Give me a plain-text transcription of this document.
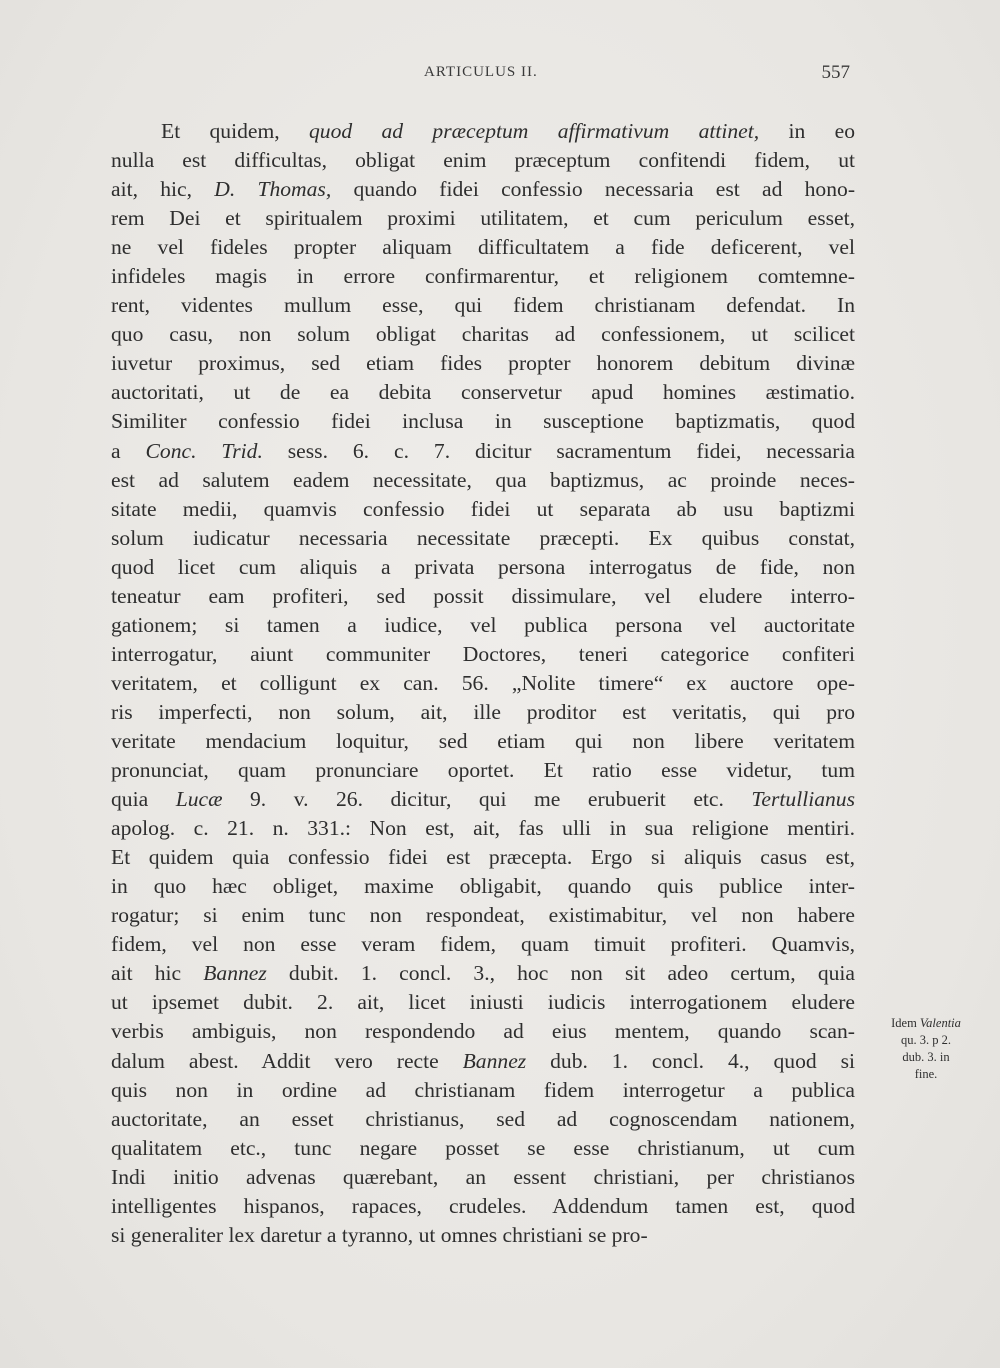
ARTICULUS II.	557
Et quidem, quod ad præceptum affirmativum attinet, in eo
nulla est difficultas, obligat enim præceptum confitendi fidem, ut
ait, hic, D. Thomas, quando fidei confessio necessaria est ad hono-
rem Dei et spiritualem proximi utilitatem, et cum periculum esset,
ne vel fideles propter aliquam difficultatem a fide deficerent, vel
infideles magis in errore confirmarentur, et religionem comtemne-
rent, videntes mullum esse, qui fidem christianam defendat. In
quo casu, non solum obligat charitas ad confessionem, ut scilicet
iuvetur proximus, sed etiam fides propter honorem debitum divinæ
auctoritati, ut de ea debita conservetur apud homines æstimatio.
Similiter confessio fidei inclusa in susceptione baptizmatis, quod
a Conc. Trid. sess. 6. c. 7. dicitur sacramentum fidei, necessaria
est ad salutem eadem necessitate, qua baptizmus, ac proinde neces-
sitate medii, quamvis confessio fidei ut separata ab usu baptizmi
solum iudicatur necessaria necessitate præcepti. Ex quibus constat,
quod licet cum aliquis a privata persona interrogatus de fide, non
teneatur eam profiteri, sed possit dissimulare, vel eludere interro-
gationem; si tamen a iudice, vel publica persona vel auctoritate
interrogatur, aiunt communiter Doctores, teneri categorice confiteri
veritatem, et colligunt ex can. 56. „Nolite timere“ ex auctore ope-
ris imperfecti, non solum, ait, ille proditor est veritatis, qui pro
veritate mendacium loquitur, sed etiam qui non libere veritatem
pronunciat, quam pronunciare oportet. Et ratio esse videtur, tum
quia Lucæ 9. v. 26. dicitur, qui me erubuerit etc. Tertullianus
apolog. c. 21. n. 331.: Non est, ait, fas ulli in sua religione mentiri.
Et quidem quia confessio fidei est præcepta. Ergo si aliquis casus est,
in quo hæc obliget, maxime obligabit, quando quis publice inter-
rogatur; si enim tunc non respondeat, existimabitur, vel non habere
fidem, vel non esse veram fidem, quam timuit profiteri. Quamvis,
ait hic Bannez dubit. 1. concl. 3., hoc non sit adeo certum, quia
ut ipsemet dubit. 2. ait, licet iniusti iudicis interrogationem eludere
verbis ambiguis, non respondendo ad eius mentem, quando scan-
dalum abest. Addit vero recte Bannez dub. 1. concl. 4., quod si
quis non in ordine ad christianam fidem interrogetur a publica
auctoritate, an esset christianus, sed ad cognoscendam nationem,
qualitatem etc., tunc negare posset se esse christianum, ut cum
Indi initio advenas quærebant, an essent christiani, per christianos
intelligentes hispanos, rapaces, crudeles. Addendum tamen est, quod
si generaliter lex daretur a tyranno, ut omnes christiani se pro-
Idem Valentia
qu. 3. p 2.
dub. 3. in
fine.
